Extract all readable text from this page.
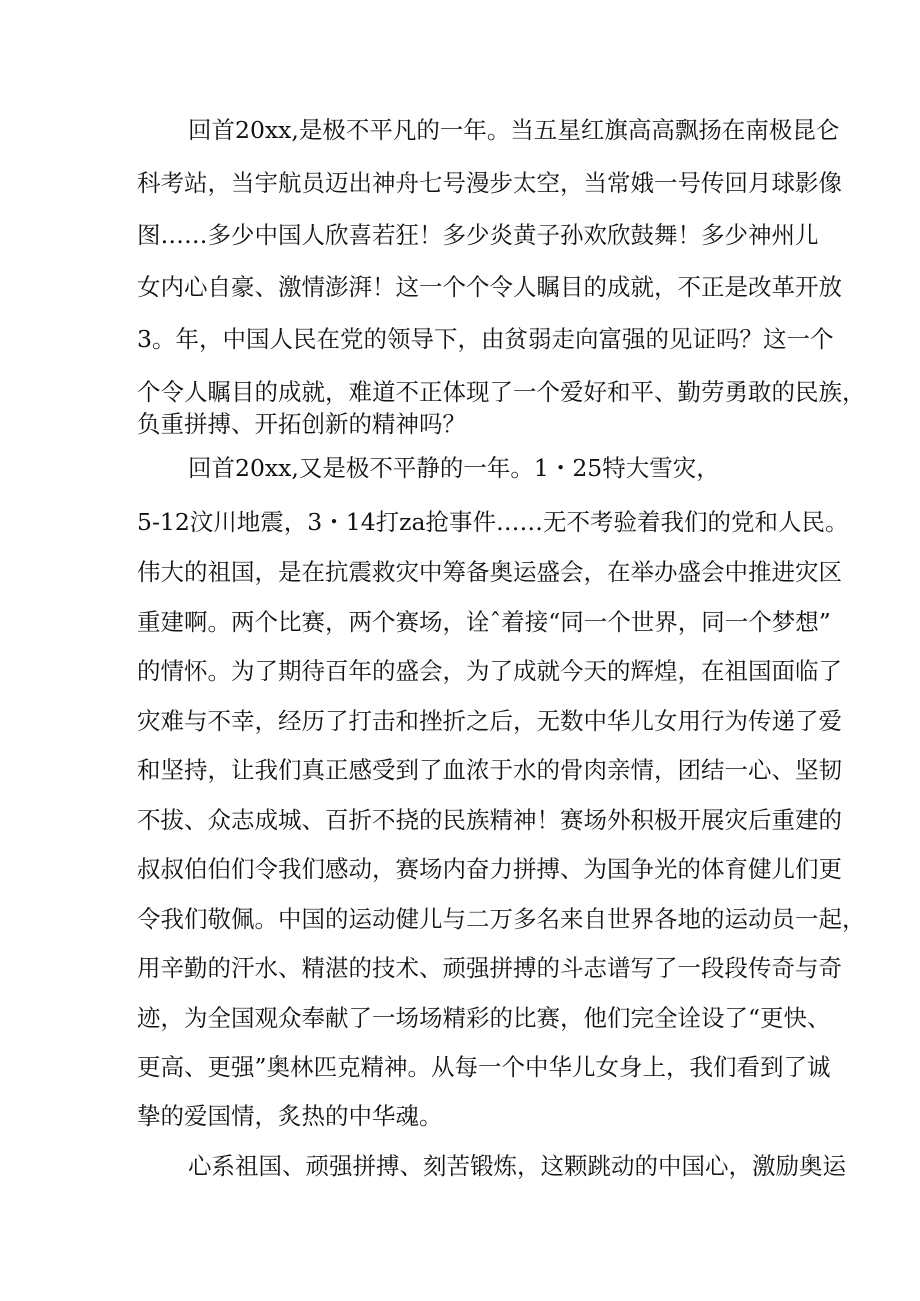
回首20xx,是极不平凡的一年。当五星红旗高高飘扬在南极昆仑
科考站，当宇航员迈出神舟七号漫步太空，当常娥一号传回月球影像
图……多少中国人欣喜若狂！多少炎黄子孙欢欣鼓舞！多少神州儿
女内心自豪、激情澎湃！这一个个令人瞩目的成就，不正是改革开放
3。年，中国人民在党的领导下，由贫弱走向富强的见证吗？这一个
个令人瞩目的成就，难道不正体现了一个爱好和平、勤劳勇敢的民族，
负重拼搏、开拓创新的精神吗？
回首20xx,又是极不平静的一年。1・25特大雪灾，
5-12汶川地震，3・14打za抢事件……无不考验着我们的党和人民。
伟大的祖国，是在抗震救灾中筹备奥运盛会，在举办盛会中推进灾区
重建啊。两个比赛，两个赛场，诠ˆ着接“同一个世界，同一个梦想”
的情怀。为了期待百年的盛会，为了成就今天的辉煌，在祖国面临了
灾难与不幸，经历了打击和挫折之后，无数中华儿女用行为传递了爱
和坚持，让我们真正感受到了血浓于水的骨肉亲情，团结一心、坚韧
不拔、众志成城、百折不挠的民族精神！赛场外积极开展灾后重建的
叔叔伯伯们令我们感动，赛场内奋力拼搏、为国争光的体育健儿们更
令我们敬佩。中国的运动健儿与二万多名来自世界各地的运动员一起，
用辛勤的汗水、精湛的技术、顽强拼搏的斗志谱写了一段段传奇与奇
迹，为全国观众奉献了一场场精彩的比赛，他们完全诠设了“更快、
更高、更强”奥林匹克精神。从每一个中华儿女身上，我们看到了诚
挚的爱国情，炙热的中华魂。
心系祖国、顽强拼搏、刻苦锻炼，这颗跳动的中国心，激励奥运
